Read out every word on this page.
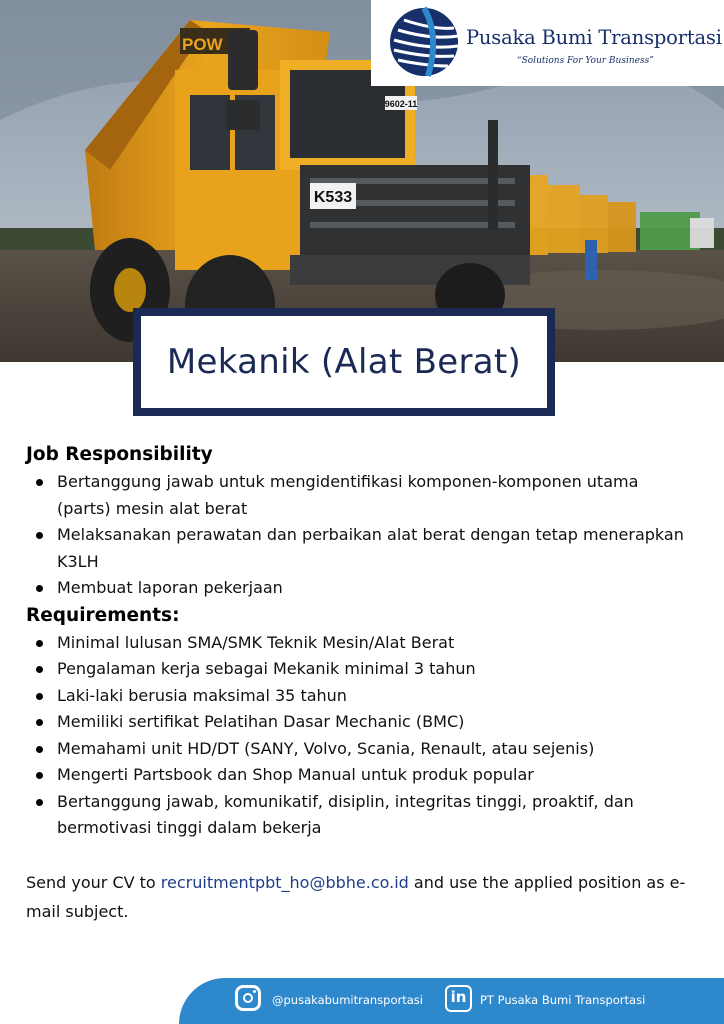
K533
9602-11
POW	Pusaka Bumi Transportasi
“Solutions For Your Business”
Mekanik (Alat Berat)
Job Responsibility
Bertanggung jawab untuk mengidentifikasi komponen-komponen utama (parts) mesin alat berat
Melaksanakan perawatan dan perbaikan alat berat dengan tetap menerapkan K3LH
Membuat laporan pekerjaan
Requirements:
Minimal lulusan SMA/SMK Teknik Mesin/Alat Berat
Pengalaman kerja sebagai Mekanik minimal 3 tahun
Laki-laki berusia maksimal 35 tahun
Memiliki sertifikat Pelatihan Dasar Mechanic (BMC)
Memahami unit HD/DT (SANY, Volvo, Scania, Renault, atau sejenis)
Mengerti Partsbook dan Shop Manual untuk produk popular
Bertanggung jawab, komunikatif, disiplin, integritas tinggi, proaktif, dan bermotivasi tinggi dalam bekerja
Send your CV to recruitmentpbt_ho@bbhe.co.id and use the applied position as e-mail subject.
@pusakabumitransportasi	in	PT Pusaka Bumi Transportasi
